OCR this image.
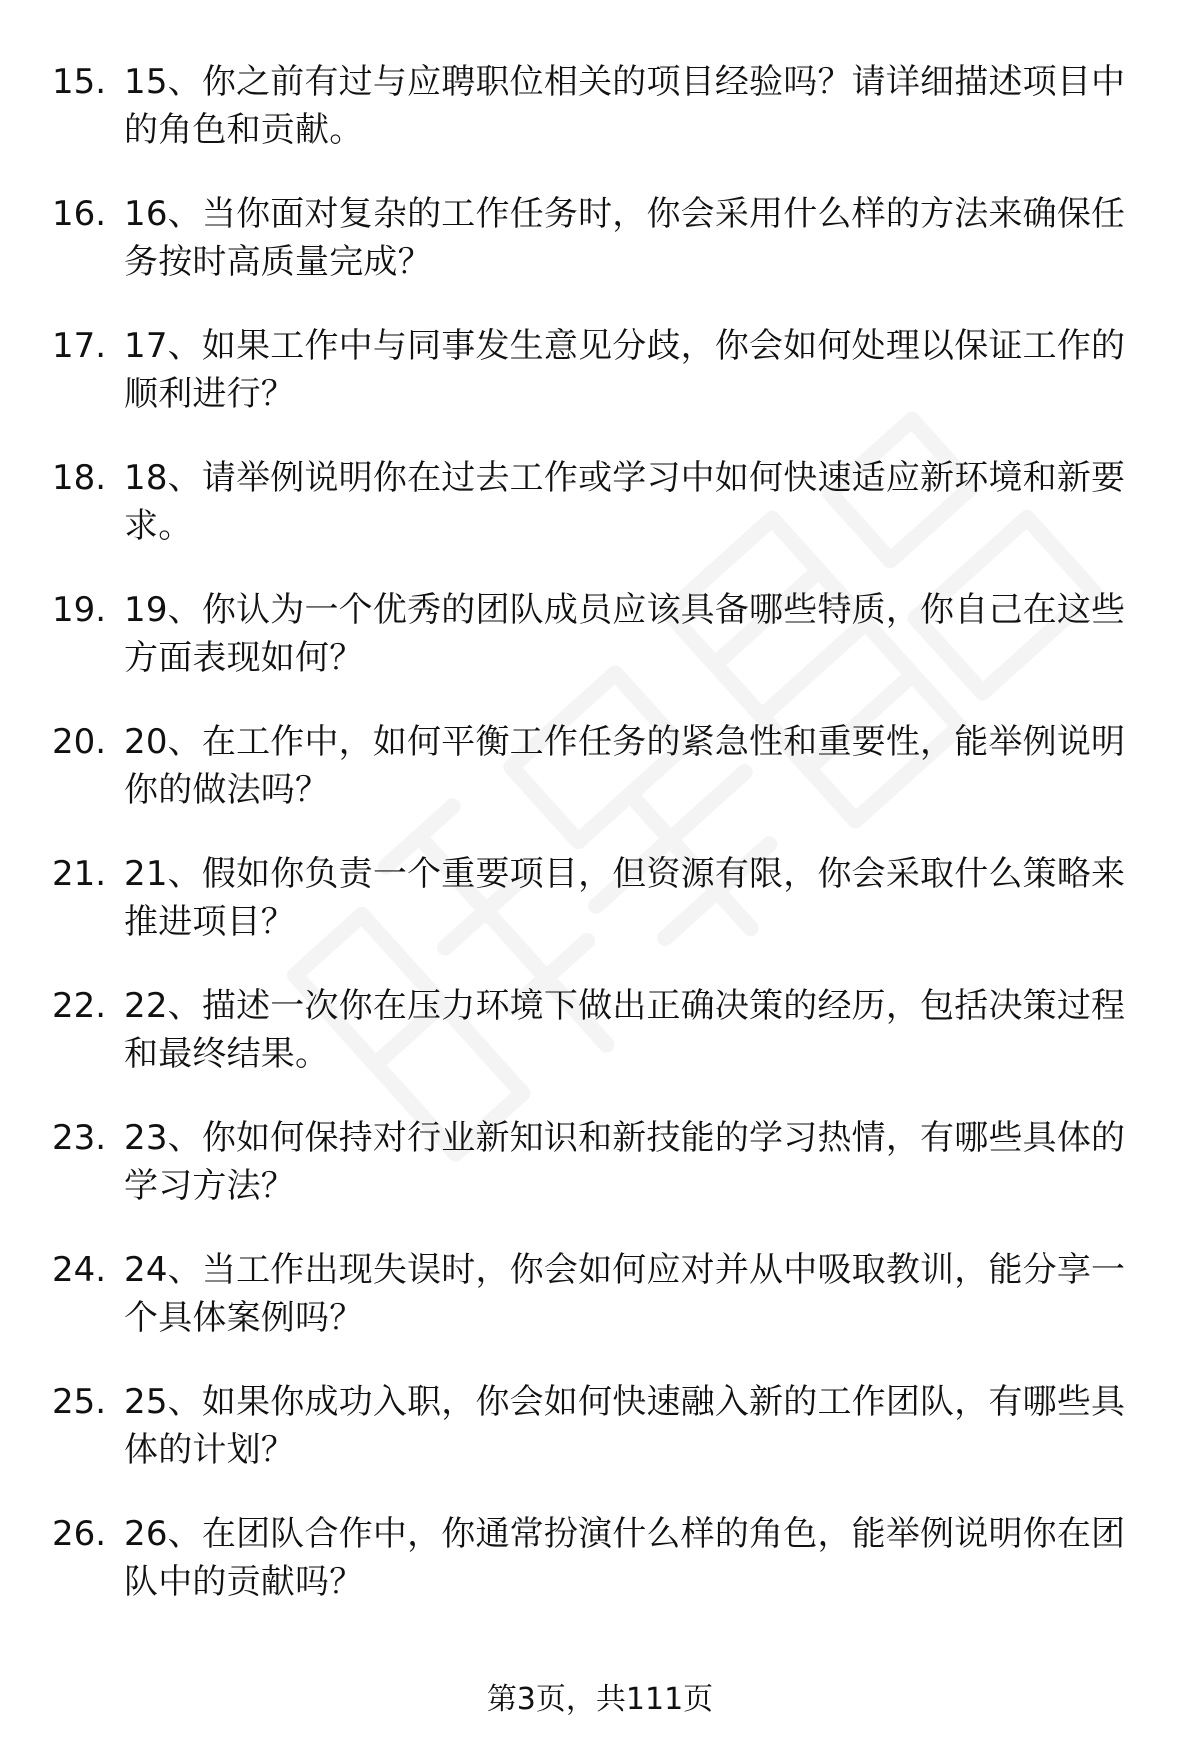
15. 15、你之前有过与应聘职位相关的项目经验吗？请详细描述项目中的角色和贡献。
16. 16、当你面对复杂的工作任务时，你会采用什么样的方法来确保任务按时高质量完成？
17. 17、如果工作中与同事发生意见分歧，你会如何处理以保证工作的顺利进行？
18. 18、请举例说明你在过去工作或学习中如何快速适应新环境和新要求。
19. 19、你认为一个优秀的团队成员应该具备哪些特质，你自己在这些方面表现如何？
20. 20、在工作中，如何平衡工作任务的紧急性和重要性，能举例说明你的做法吗？
21. 21、假如你负责一个重要项目，但资源有限，你会采取什么策略来推进项目？
22. 22、描述一次你在压力环境下做出正确决策的经历，包括决策过程和最终结果。
23. 23、你如何保持对行业新知识和新技能的学习热情，有哪些具体的学习方法？
24. 24、当工作出现失误时，你会如何应对并从中吸取教训，能分享一个具体案例吗？
25. 25、如果你成功入职，你会如何快速融入新的工作团队，有哪些具体的计划？
26. 26、在团队合作中，你通常扮演什么样的角色，能举例说明你在团队中的贡献吗？
第3页，共111页
